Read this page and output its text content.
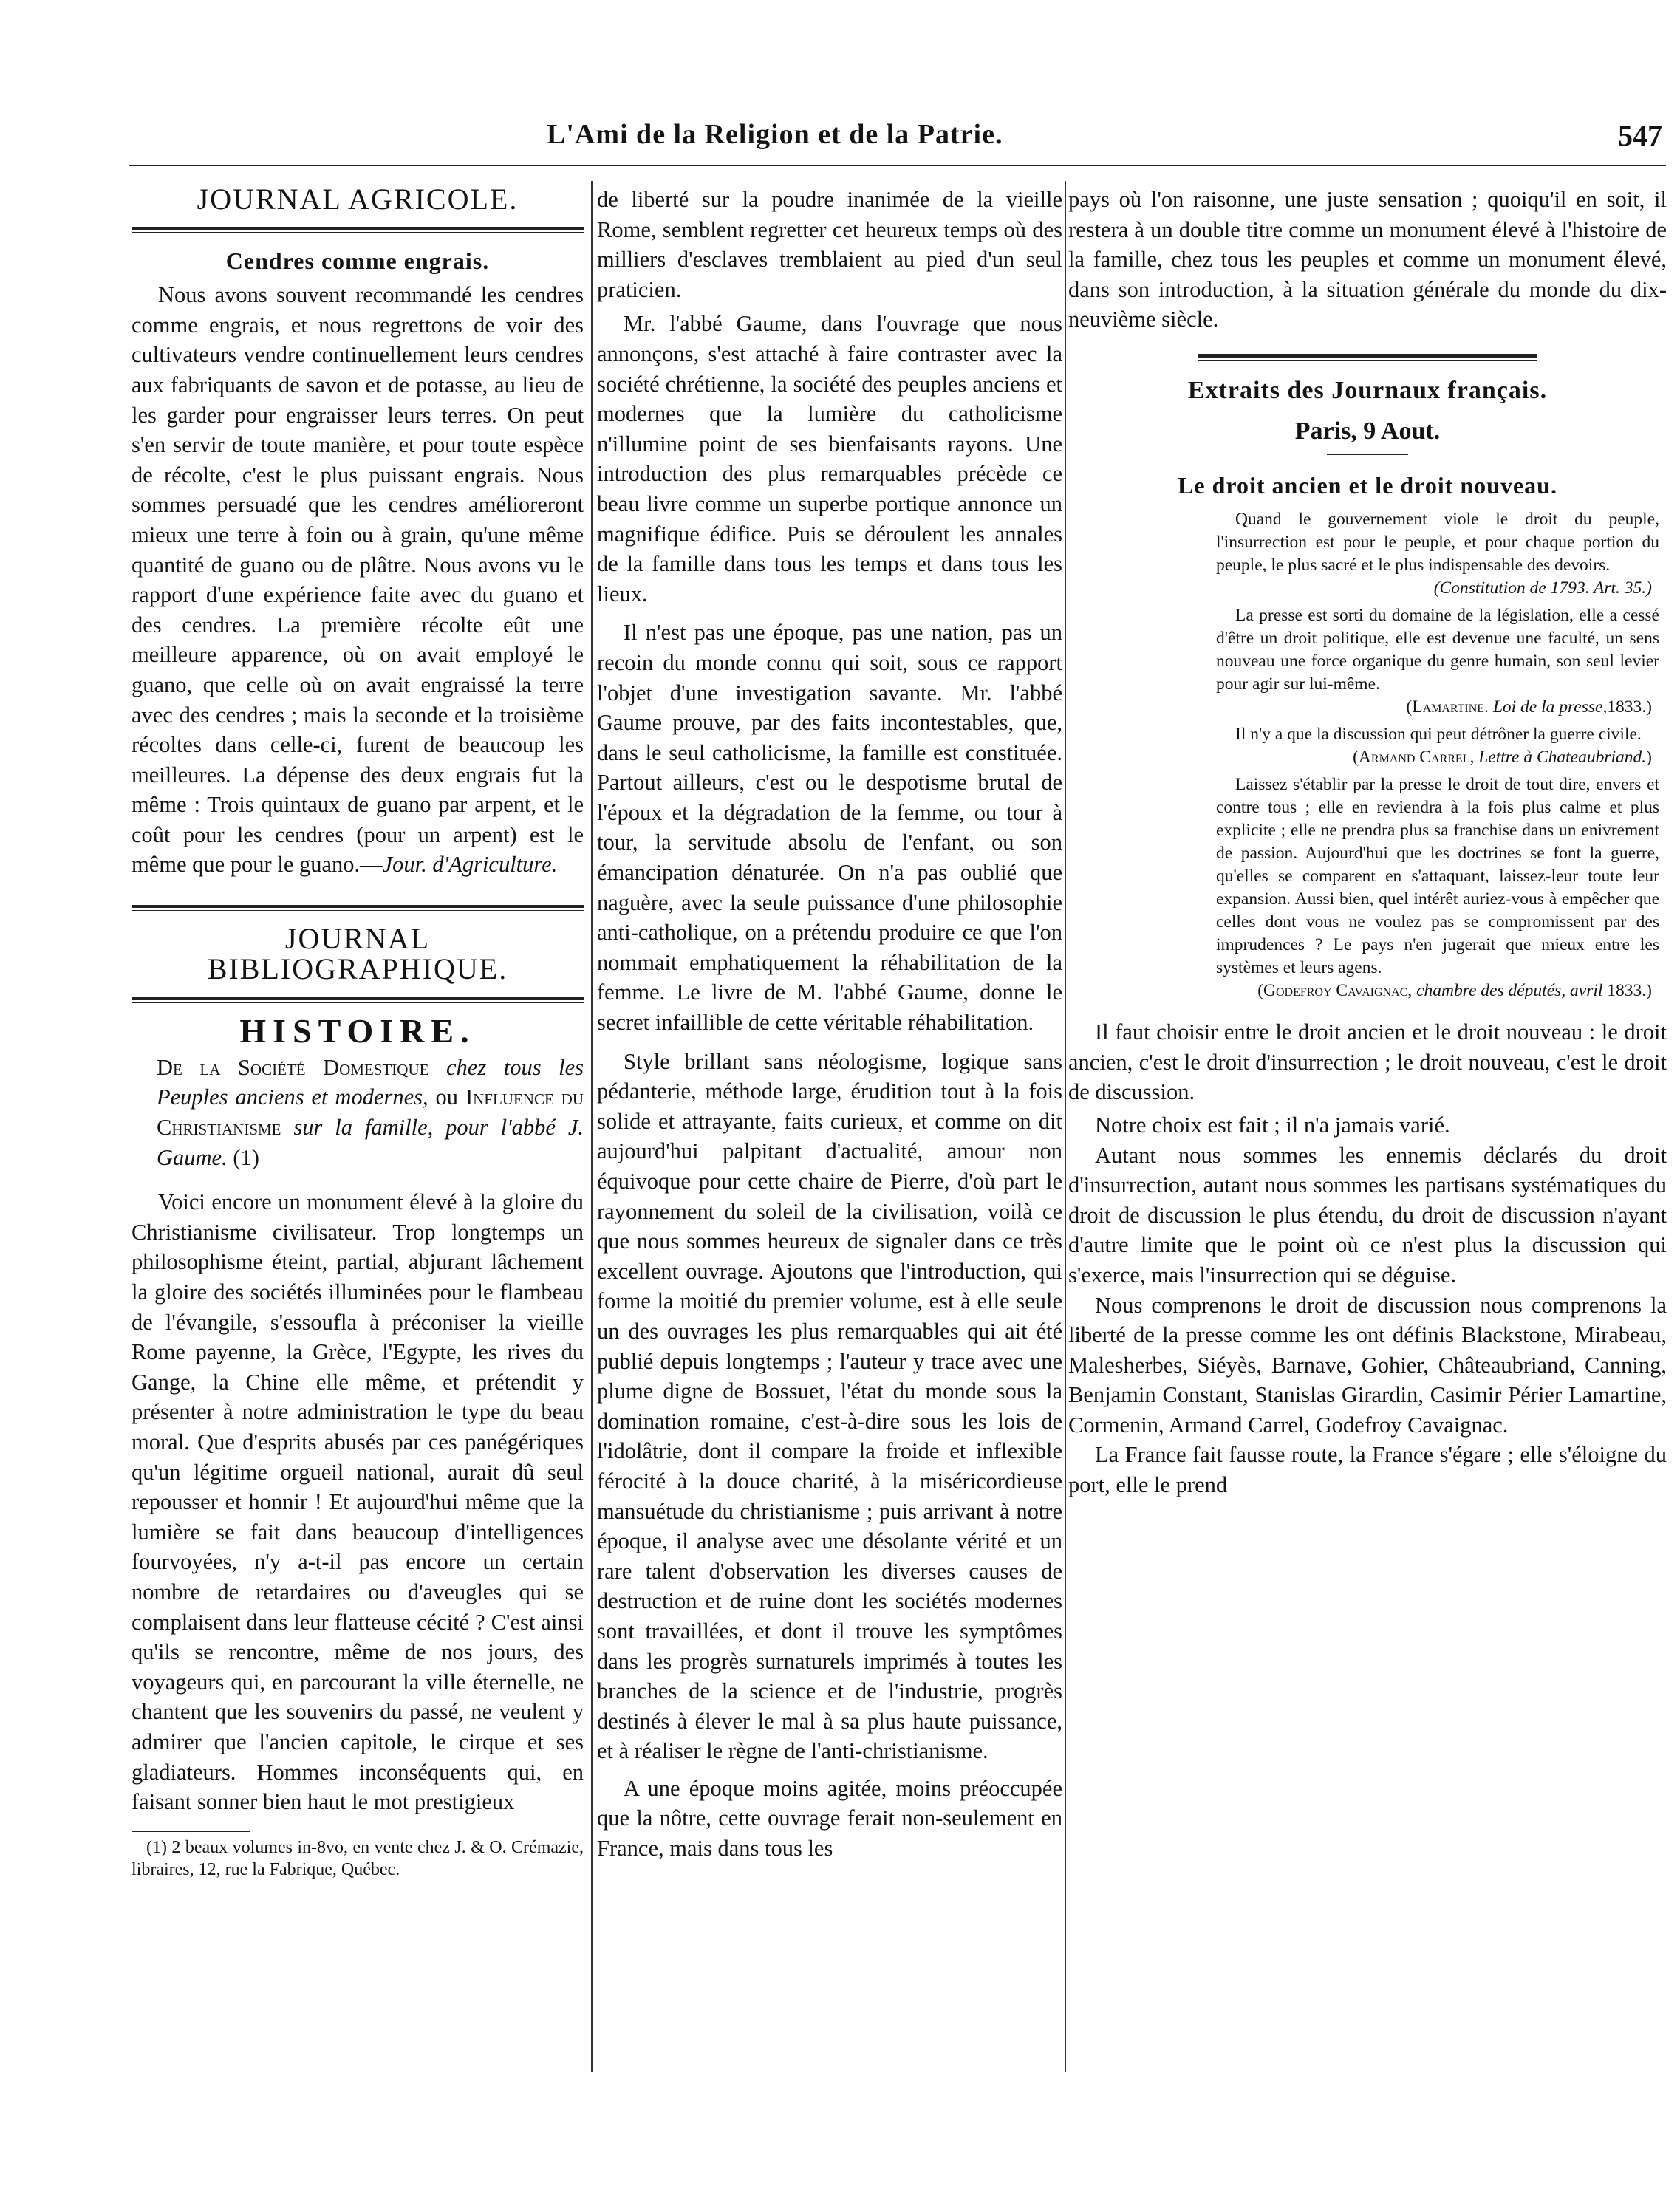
L'Ami de la Religion et de la Patrie.	547
JOURNAL AGRICOLE.
Cendres comme engrais.

Nous avons souvent recommandé les cendres comme engrais, et nous regrettons de voir des cultivateurs vendre continuellement leurs cendres aux fabriquants de savon et de potasse, au lieu de les garder pour engraisser leurs terres. On peut s'en servir de toute manière, et pour toute espèce de récolte, c'est le plus puissant engrais. Nous sommes persuadé que les cendres amélioreront mieux une terre à foin ou à grain, qu'une même quantité de guano ou de plâtre. Nous avons vu le rapport d'une expérience faite avec du guano et des cendres. La première récolte eût une meilleure apparence, où on avait employé le guano, que celle où on avait engraissé la terre avec des cendres ; mais la seconde et la troisième récoltes dans celle-ci, furent de beaucoup les meilleures. La dépense des deux engrais fut la même : Trois quintaux de guano par arpent, et le coût pour les cendres (pour un arpent) est le même que pour le guano.—Jour. d'Agriculture.

JOURNAL BIBLIOGRAPHIQUE.
HISTOIRE.

De la Société Domestique chez tous les Peuples anciens et modernes, ou Influence du Christianisme sur la famille, pour l'abbé J. Gaume. (1)

Voici encore un monument élevé à la gloire du Christianisme civilisateur. Trop longtemps un philosophisme éteint, partial, abjurant lâchement la gloire des sociétés illuminées pour le flambeau de l'évangile, s'essoufla à préconiser la vieille Rome payenne, la Grèce, l'Egypte, les rives du Gange, la Chine elle même, et prétendit y présenter à notre administration le type du beau moral. Que d'esprits abusés par ces panégériques qu'un légitime orgueil national, aurait dû seul repousser et honnir ! Et aujourd'hui même que la lumière se fait dans beaucoup d'intelligences fourvoyées, n'y a-t-il pas encore un certain nombre de retardaires ou d'aveugles qui se complaisent dans leur flatteuse cécité ? C'est ainsi qu'ils se rencontre, même de nos jours, des voyageurs qui, en parcourant la ville éternelle, ne chantent que les souvenirs du passé, ne veulent y admirer que l'ancien capitole, le cirque et ses gladiateurs. Hommes inconséquents qui, en faisant sonner bien haut le mot prestigieux

(1) 2 beaux volumes in-8vo, en vente chez J. & O. Crémazie, libraires, 12, rue la Fabrique, Québec.

de liberté sur la poudre inanimée de la vieille Rome, semblent regretter cet heureux temps où des milliers d'esclaves tremblaient au pied d'un seul praticien.

Mr. l'abbé Gaume, dans l'ouvrage que nous annonçons, s'est attaché à faire contraster avec la société chrétienne, la société des peuples anciens et modernes que la lumière du catholicisme n'illumine point de ses bienfaisants rayons. Une introduction des plus remarquables précède ce beau livre comme un superbe portique annonce un magnifique édifice. Puis se déroulent les annales de la famille dans tous les temps et dans tous les lieux.

Il n'est pas une époque, pas une nation, pas un recoin du monde connu qui soit, sous ce rapport l'objet d'une investigation savante. Mr. l'abbé Gaume prouve, par des faits incontestables, que, dans le seul catholicisme, la famille est constituée. Partout ailleurs, c'est ou le despotisme brutal de l'époux et la dégradation de la femme, ou tour à tour, la servitude absolu de l'enfant, ou son émancipation dénaturée. On n'a pas oublié que naguère, avec la seule puissance d'une philosophie anti-catholique, on a prétendu produire ce que l'on nommait emphatiquement la réhabilitation de la femme. Le livre de M. l'abbé Gaume, donne le secret infaillible de cette véritable réhabilitation.

Style brillant sans néologisme, logique sans pédanterie, méthode large, érudition tout à la fois solide et attrayante, faits curieux, et comme on dit aujourd'hui palpitant d'actualité, amour non équivoque pour cette chaire de Pierre, d'où part le rayonnement du soleil de la civilisation, voilà ce que nous sommes heureux de signaler dans ce très excellent ouvrage. Ajoutons que l'introduction, qui forme la moitié du premier volume, est à elle seule un des ouvrages les plus remarquables qui ait été publié depuis longtemps ; l'auteur y trace avec une plume digne de Bossuet, l'état du monde sous la domination romaine, c'est-à-dire sous les lois de l'idolâtrie, dont il compare la froide et inflexible férocité à la douce charité, à la miséricordieuse mansuétude du christianisme ; puis arrivant à notre époque, il analyse avec une désolante vérité et un rare talent d'observation les diverses causes de destruction et de ruine dont les sociétés modernes sont travaillées, et dont il trouve les symptômes dans les progrès surnaturels imprimés à toutes les branches de la science et de l'industrie, progrès destinés à élever le mal à sa plus haute puissance, et à réaliser le règne de l'anti-christianisme.

A une époque moins agitée, moins préoccupée que la nôtre, cette ouvrage ferait non-seulement en France, mais dans tous les

pays où l'on raisonne, une juste sensation ; quoiqu'il en soit, il restera à un double titre comme un monument élevé à l'histoire de la famille, chez tous les peuples et comme un monument élevé, dans son introduction, à la situation générale du monde du dix-neuvième siècle.

Extraits des Journaux français.
Paris, 9 Aout.
Le droit ancien et le droit nouveau.

Quand le gouvernement viole le droit du peuple, l'insurrection est pour le peuple, et pour chaque portion du peuple, le plus sacré et le plus indispensable des devoirs.

(Constitution de 1793. Art. 35.)

La presse est sorti du domaine de la législation, elle a cessé d'être un droit politique, elle est devenue une faculté, un sens nouveau une force organique du genre humain, son seul levier pour agir sur lui-même.

(Lamartine. Loi de la presse,1833.)

Il n'y a que la discussion qui peut détrôner la guerre civile.

(Armand Carrel, Lettre à Chateaubriand.)

Laissez s'établir par la presse le droit de tout dire, envers et contre tous ; elle en reviendra à la fois plus calme et plus explicite ; elle ne prendra plus sa franchise dans un enivrement de passion. Aujourd'hui que les doctrines se font la guerre, qu'elles se comparent en s'attaquant, laissez-leur toute leur expansion. Aussi bien, quel intérêt auriez-vous à empêcher que celles dont vous ne voulez pas se compromissent par des imprudences ? Le pays n'en jugerait que mieux entre les systèmes et leurs agens.

(Godefroy Cavaignac, chambre des députés, avril 1833.)

Il faut choisir entre le droit ancien et le droit nouveau : le droit ancien, c'est le droit d'insurrection ; le droit nouveau, c'est le droit de discussion.

Notre choix est fait ; il n'a jamais varié.

Autant nous sommes les ennemis déclarés du droit d'insurrection, autant nous sommes les partisans systématiques du droit de discussion le plus étendu, du droit de discussion n'ayant d'autre limite que le point où ce n'est plus la discussion qui s'exerce, mais l'insurrection qui se déguise.

Nous comprenons le droit de discussion nous comprenons la liberté de la presse comme les ont définis Blackstone, Mirabeau, Malesherbes, Siéyès, Barnave, Gohier, Châteaubriand, Canning, Benjamin Constant, Stanislas Girardin, Casimir Périer Lamartine, Cormenin, Armand Carrel, Godefroy Cavaignac.

La France fait fausse route, la France s'égare ; elle s'éloigne du port, elle le prend
